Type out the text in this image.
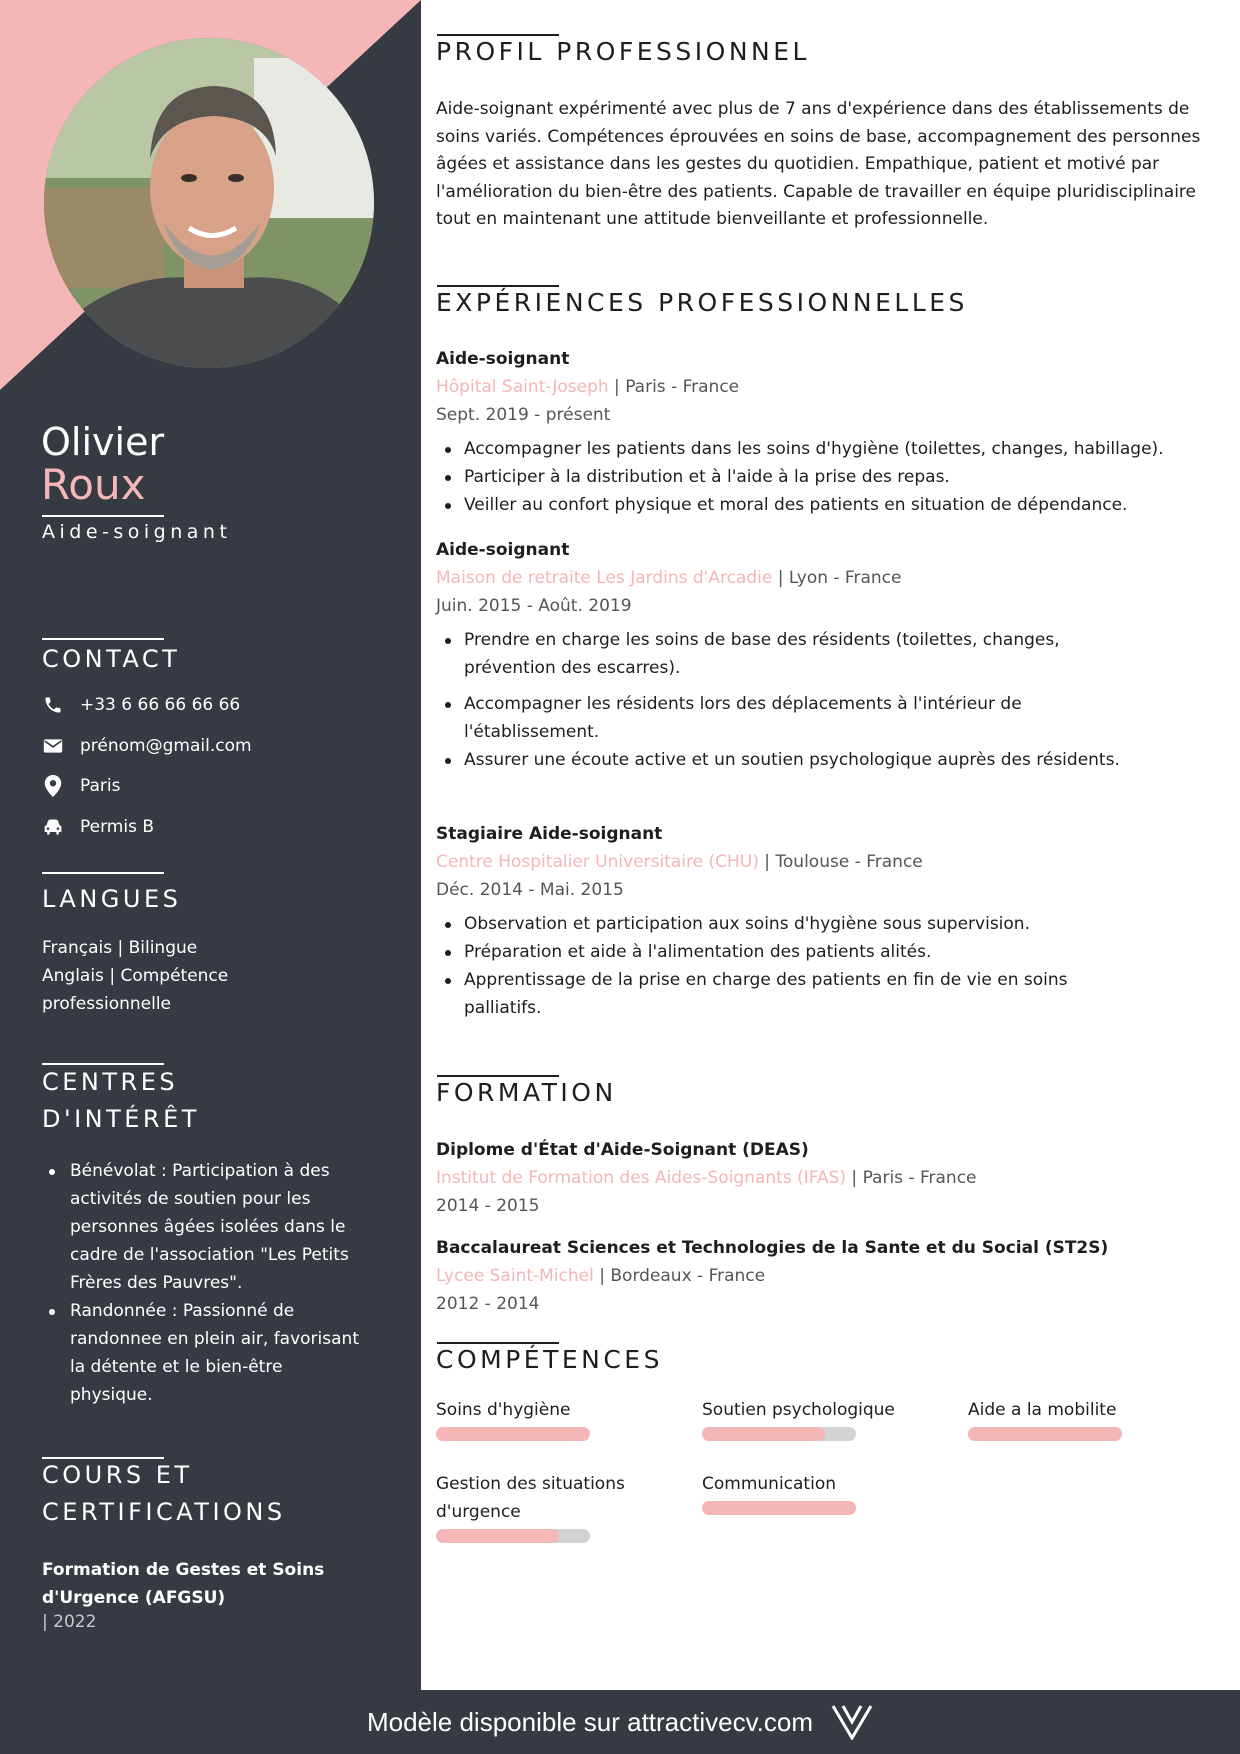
Olivier
Roux
Aide-soignant
CONTACT
+33 6 66 66 66 66
prénom@gmail.com
Paris
Permis B
LANGUES
Français | Bilingue
Anglais | Compétence
professionnelle
CENTRES
D'INTÉRÊT
Bénévolat : Participation à des activités de soutien pour les personnes âgées isolées dans le cadre de l'association "Les Petits Frères des Pauvres".
Randonnée : Passionné de randonnee en plein air, favorisant la détente et le bien-être physique.
COURS ET
CERTIFICATIONS
Formation de Gestes et Soins d'Urgence (AFGSU)
| 2022
PROFIL PROFESSIONNEL
Aide-soignant expérimenté avec plus de 7 ans d'expérience dans des établissements de soins variés. Compétences éprouvées en soins de base, accompagnement des personnes âgées et assistance dans les gestes du quotidien. Empathique, patient et motivé par l'amélioration du bien-être des patients. Capable de travailler en équipe pluridisciplinaire tout en maintenant une attitude bienveillante et professionnelle.
EXPÉRIENCES PROFESSIONNELLES
Aide-soignant
Hôpital Saint-Joseph | Paris - France
Sept. 2019 - présent
Accompagner les patients dans les soins d'hygiène (toilettes, changes, habillage).
Participer à la distribution et à l'aide à la prise des repas.
Veiller au confort physique et moral des patients en situation de dépendance.
Aide-soignant
Maison de retraite Les Jardins d'Arcadie | Lyon - France
Juin. 2015 - Août. 2019
Prendre en charge les soins de base des résidents (toilettes, changes, prévention des escarres).
Accompagner les résidents lors des déplacements à l'intérieur de l'établissement.
Assurer une écoute active et un soutien psychologique auprès des résidents.
Stagiaire Aide-soignant
Centre Hospitalier Universitaire (CHU) | Toulouse - France
Déc. 2014 - Mai. 2015
Observation et participation aux soins d'hygiène sous supervision.
Préparation et aide à l'alimentation des patients alités.
Apprentissage de la prise en charge des patients en fin de vie en soins palliatifs.
FORMATION
Diplome d'État d'Aide-Soignant (DEAS)
Institut de Formation des Aides-Soignants (IFAS) | Paris - France
2014 - 2015
Baccalaureat Sciences et Technologies de la Sante et du Social (ST2S)
Lycee Saint-Michel | Bordeaux - France
2012 - 2014
COMPÉTENCES
Soins d'hygiène	Soutien psychologique	Aide a la mobilite
Gestion des situations d'urgence
Communication
Modèle disponible sur attractivecv.com
